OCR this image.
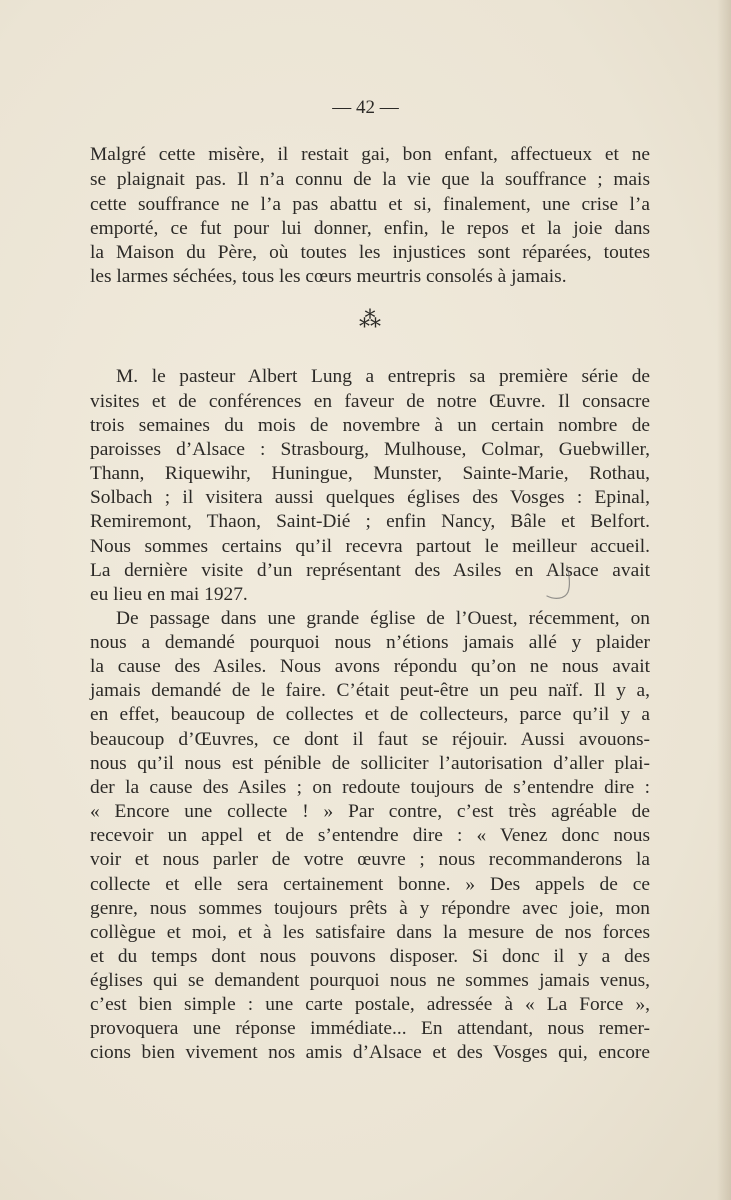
— 42 —
Malgré cette misère, il restait gai, bon enfant, affectueux et ne
se plaignait pas. Il n’a connu de la vie que la souffrance ; mais
cette souffrance ne l’a pas abattu et si, finalement, une crise l’a
emporté, ce fut pour lui donner, enfin, le repos et la joie dans
la Maison du Père, où toutes les injustices sont réparées, toutes
les larmes séchées, tous les cœurs meurtris consolés à jamais.
⁂
M. le pasteur Albert Lung a entrepris sa première série de
visites et de conférences en faveur de notre Œuvre. Il consacre
trois semaines du mois de novembre à un certain nombre de
paroisses d’Alsace : Strasbourg, Mulhouse, Colmar, Guebwiller,
Thann, Riquewihr, Huningue, Munster, Sainte-Marie, Rothau,
Solbach ; il visitera aussi quelques églises des Vosges : Epinal,
Remiremont, Thaon, Saint-Dié ; enfin Nancy, Bâle et Belfort.
Nous sommes certains qu’il recevra partout le meilleur accueil.
La dernière visite d’un représentant des Asiles en Alsace avait
eu lieu en mai 1927.
De passage dans une grande église de l’Ouest, récemment, on
nous a demandé pourquoi nous n’étions jamais allé y plaider
la cause des Asiles. Nous avons répondu qu’on ne nous avait
jamais demandé de le faire. C’était peut-être un peu naïf. Il y a,
en effet, beaucoup de collectes et de collecteurs, parce qu’il y a
beaucoup d’Œuvres, ce dont il faut se réjouir. Aussi avouons-
nous qu’il nous est pénible de solliciter l’autorisation d’aller plai-
der la cause des Asiles ; on redoute toujours de s’entendre dire :
« Encore une collecte ! » Par contre, c’est très agréable de
recevoir un appel et de s’entendre dire : « Venez donc nous
voir et nous parler de votre œuvre ; nous recommanderons la
collecte et elle sera certainement bonne. » Des appels de ce
genre, nous sommes toujours prêts à y répondre avec joie, mon
collègue et moi, et à les satisfaire dans la mesure de nos forces
et du temps dont nous pouvons disposer. Si donc il y a des
églises qui se demandent pourquoi nous ne sommes jamais venus,
c’est bien simple : une carte postale, adressée à « La Force »,
provoquera une réponse immédiate... En attendant, nous remer-
cions bien vivement nos amis d’Alsace et des Vosges qui, encore
